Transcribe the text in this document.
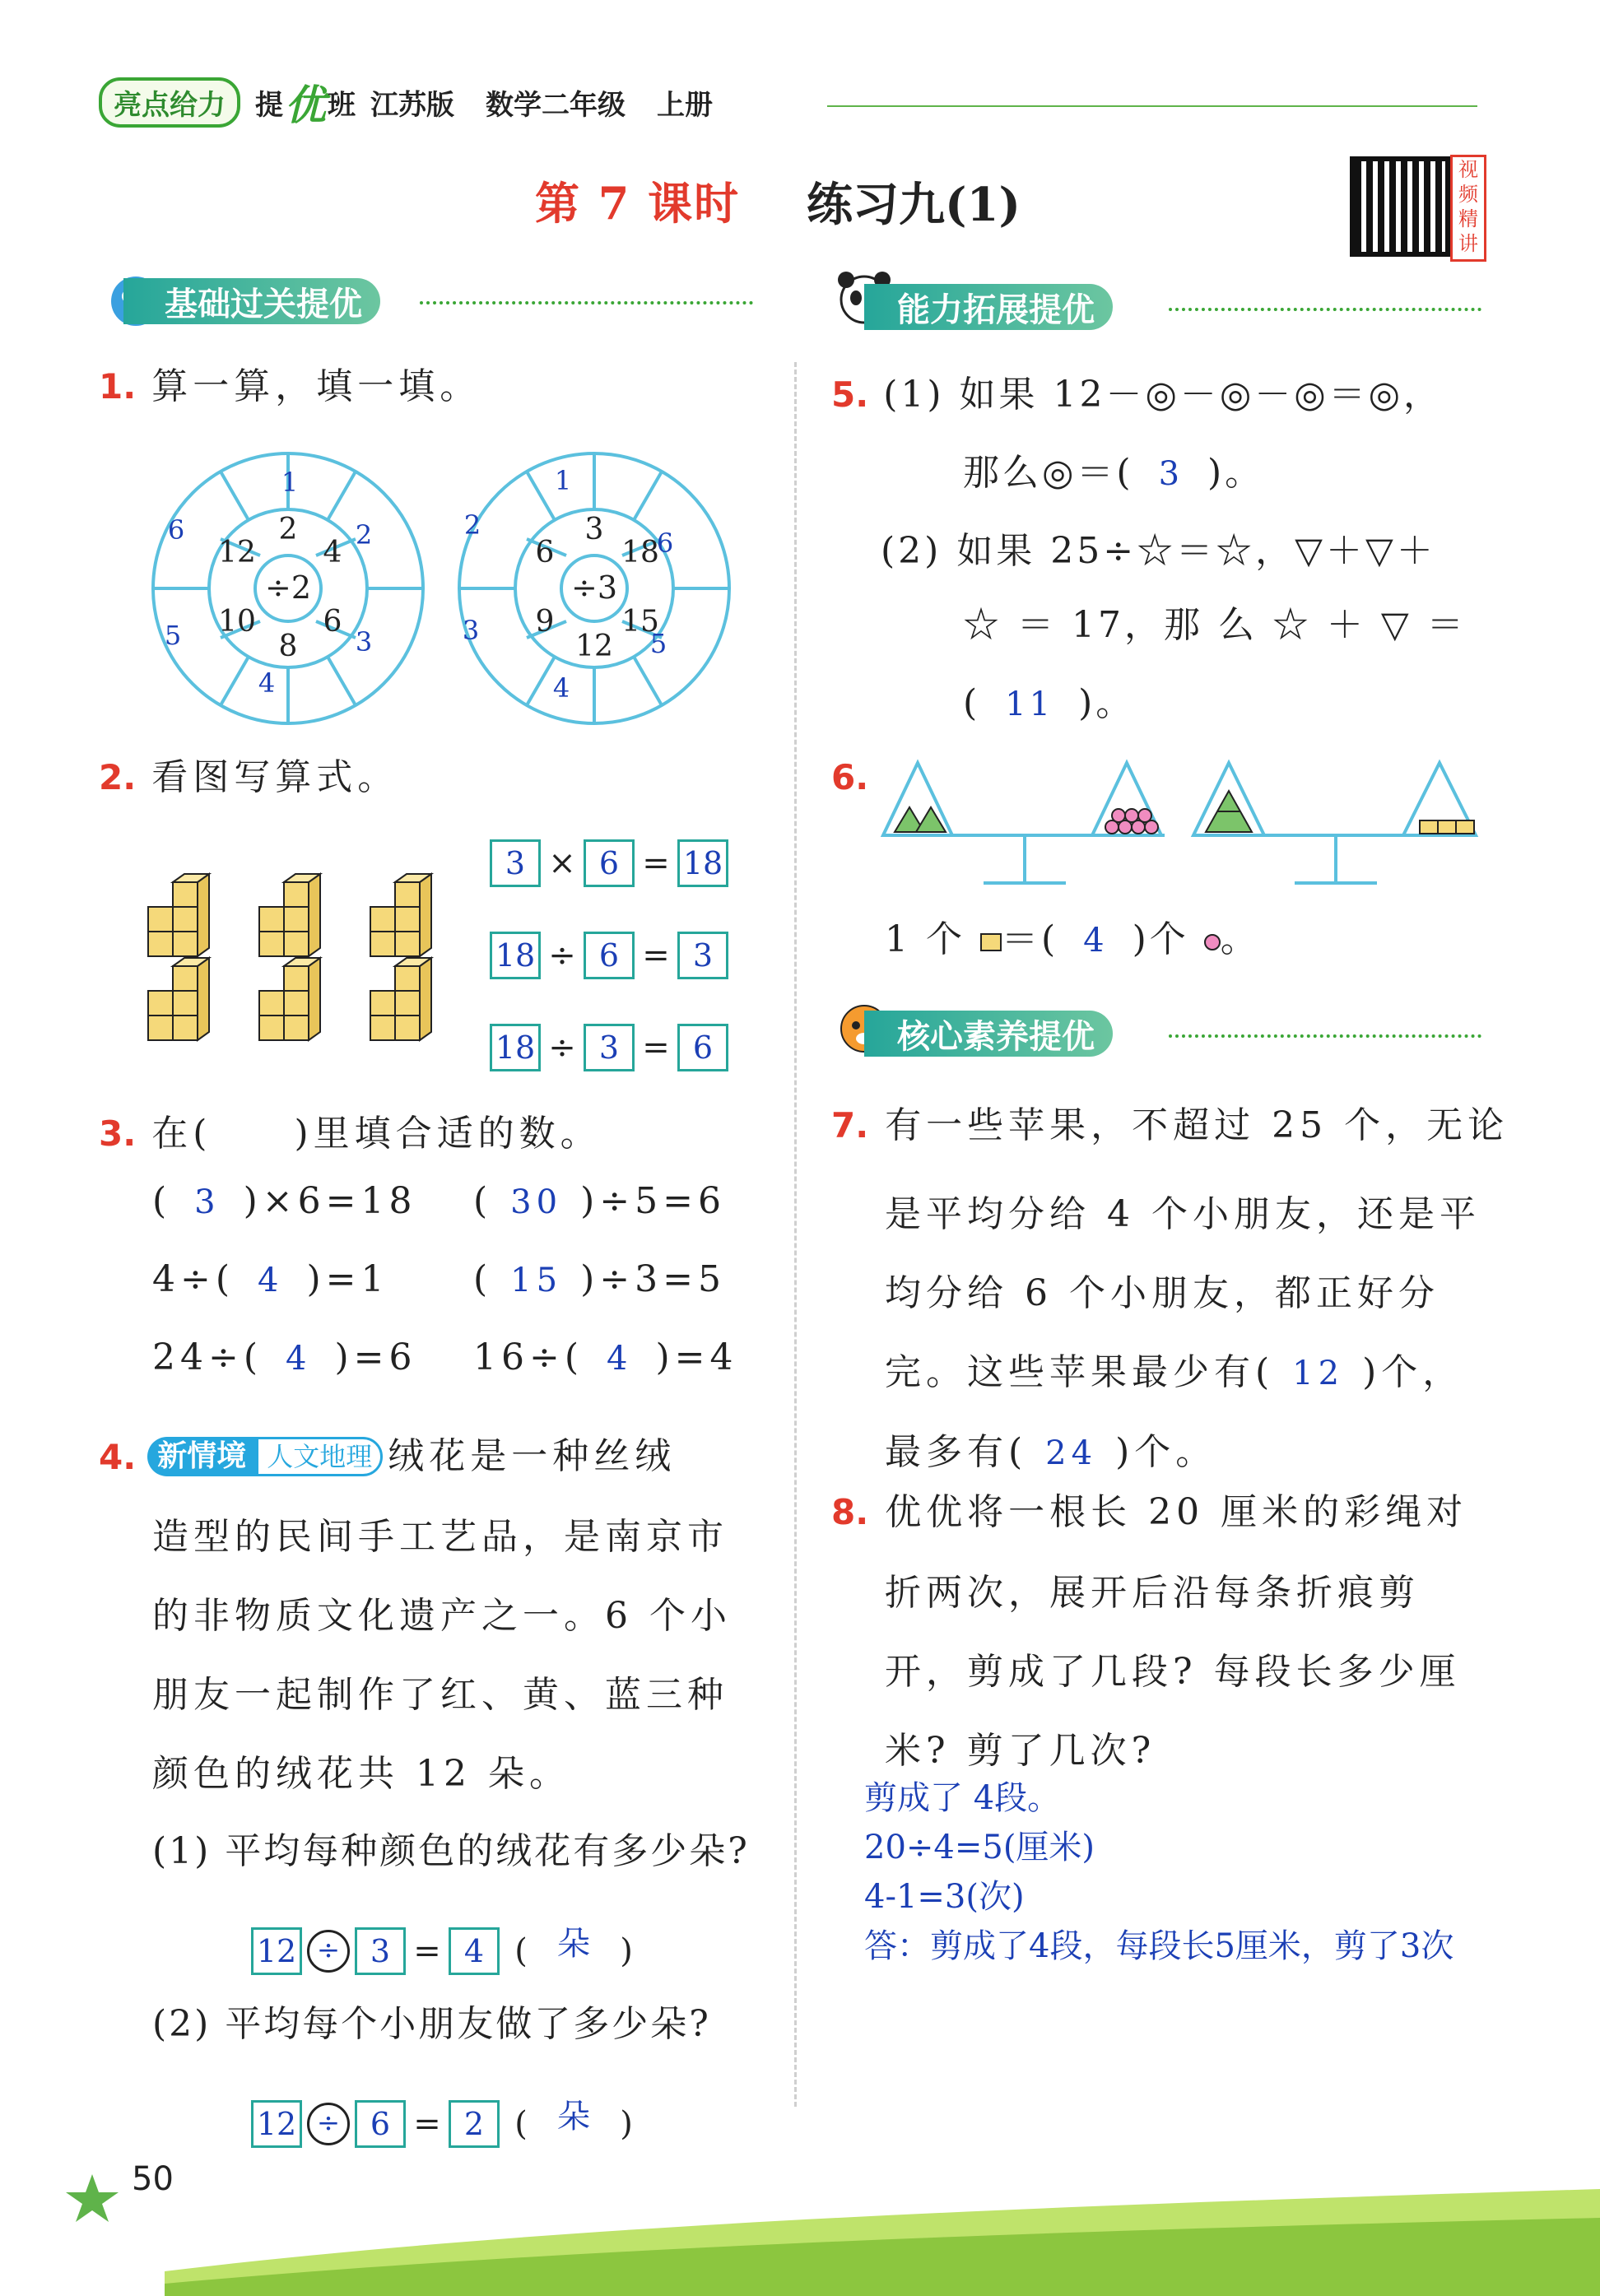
亮点给力	提 优 班 江苏版 数学二年级 上册
第 7 课时 练习九(1)
视频精讲
基础过关提优
1. 算一算，填一填。
÷2
2
4
6
8
10
12
1
2
3
4
5
6
÷3
3
18
15
12
9
6
1
6
5
4
3
2
2. 看图写算式。
3 × 6 = 18
18 ÷ 6 = 3
18 ÷ 3 = 6
3. 在(　　)里填合适的数。
( 3 )×6=18 ( 30 )÷5=6
4÷( 4 )=1 ( 15 )÷3=5
24÷( 4 )=6 16÷( 4 )=4
4. 新情境 人文地理 绒花是一种丝绒
造型的民间手工艺品，是南京市
的非物质文化遗产之一。6 个小
朋友一起制作了红、黄、蓝三种
颜色的绒花共 12 朵。
(1) 平均每种颜色的绒花有多少朵?
12 ÷ 3 = 4 ( 朵 )
(2) 平均每个小朋友做了多少朵?
12 ÷ 6 = 2 ( 朵 )
能力拓展提优
5. (1) 如果 12－◎－◎－◎＝◎，
那么◎＝( 3 )。
(2) 如果 25÷☆＝☆，▽＋▽＋
☆ ＝ 17，那 么 ☆ ＋ ▽ ＝
( 11 )。
6.
1 个 ＝( 4 )个 。
核心素养提优
7. 有一些苹果，不超过 25 个，无论
是平均分给 4 个小朋友，还是平
均分给 6 个小朋友，都正好分
完。这些苹果最少有( 12 )个，
最多有( 24 )个。
8. 优优将一根长 20 厘米的彩绳对
折两次，展开后沿每条折痕剪
开，剪成了几段? 每段长多少厘
米? 剪了几次?
剪成了 4段。
20÷4=5(厘米)
4-1=3(次)
答：剪成了4段，每段长5厘米，剪了3次
50
